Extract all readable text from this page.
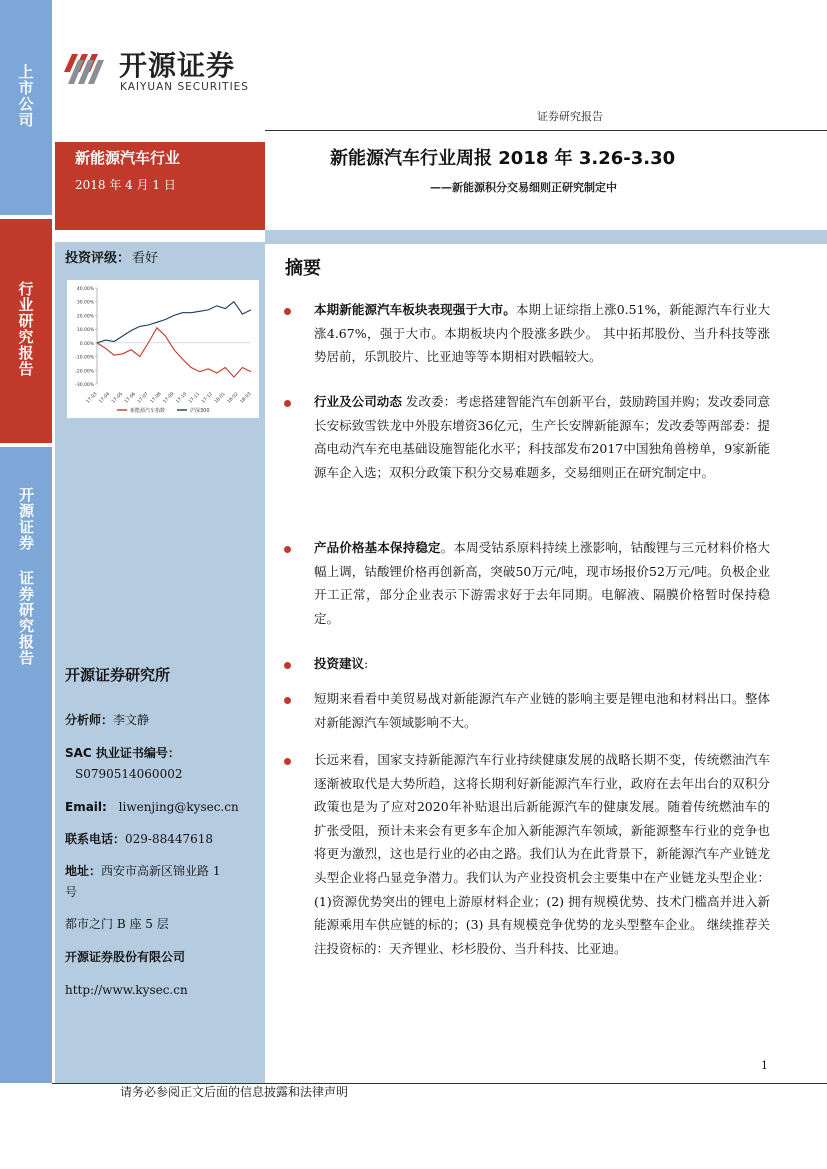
上市公司
行业研究报告
开源证券 证券研究报告
开源证券
KAIYUAN SECURITIES
证券研究报告
新能源汽车行业
2018 年 4 月 1 日
新能源汽车行业周报 2018 年 3.26-3.30
——新能源积分交易细则正研究制定中
投资评级： 看好
40.00%
30.00%
20.00%
10.00%
0.00%
-10.00%
-20.00%
-30.00%
17-03 17-04 17-05 17-06 17-07 17-08 17-09 17-10 17-11 17-12 18-01 18-02 18-03
新能源汽车指数	沪深300
开源证券研究所
分析师：李文静
SAC 执业证书编号：
S0790514060002
Email: liwenjing@kysec.cn
联系电话：029-88447618
地址：西安市高新区锦业路 1
号
都市之门 B 座 5 层
开源证券股份有限公司
http://www.kysec.cn
摘要
本期新能源汽车板块表现强于大市。本期上证综指上涨0.51%，新能源汽车行业大涨4.67%，强于大市。本期板块内个股涨多跌少。 其中拓邦股份、当升科技等涨势居前，乐凯胶片、比亚迪等等本期相对跌幅较大。
行业及公司动态 发改委：考虑搭建智能汽车创新平台，鼓励跨国并购；发改委同意长安标致雪铁龙中外股东增资36亿元，生产长安牌新能源车；发改委等两部委：提高电动汽车充电基础设施智能化水平；科技部发布2017中国独角兽榜单，9家新能源车企入选；双积分政策下积分交易难题多，交易细则正在研究制定中。
产品价格基本保持稳定。本周受钴系原料持续上涨影响，钴酸锂与三元材料价格大幅上调，钴酸锂价格再创新高，突破50万元/吨，现市场报价52万元/吨。负极企业开工正常，部分企业表示下游需求好于去年同期。电解液、隔膜价格暂时保持稳定。
投资建议:
短期来看看中美贸易战对新能源汽车产业链的影响主要是锂电池和材料出口。整体对新能源汽车领域影响不大。
长远来看，国家支持新能源汽车行业持续健康发展的战略长期不变，传统燃油汽车逐渐被取代是大势所趋，这将长期利好新能源汽车行业，政府在去年出台的双积分政策也是为了应对2020年补贴退出后新能源汽车的健康发展。随着传统燃油车的扩张受阻，预计未来会有更多车企加入新能源汽车领域，新能源整车行业的竞争也将更为激烈，这也是行业的必由之路。我们认为在此背景下，新能源汽车产业链龙头型企业将凸显竞争潜力。我们认为产业投资机会主要集中在产业链龙头型企业：(1)资源优势突出的锂电上游原材料企业；(2) 拥有规模优势、技术门槛高并进入新能源乘用车供应链的标的；(3) 具有规模竞争优势的龙头型整车企业。 继续推荐关注投资标的：天齐锂业、杉杉股份、当升科技、比亚迪。
1
请务必参阅正文后面的信息披露和法律声明
